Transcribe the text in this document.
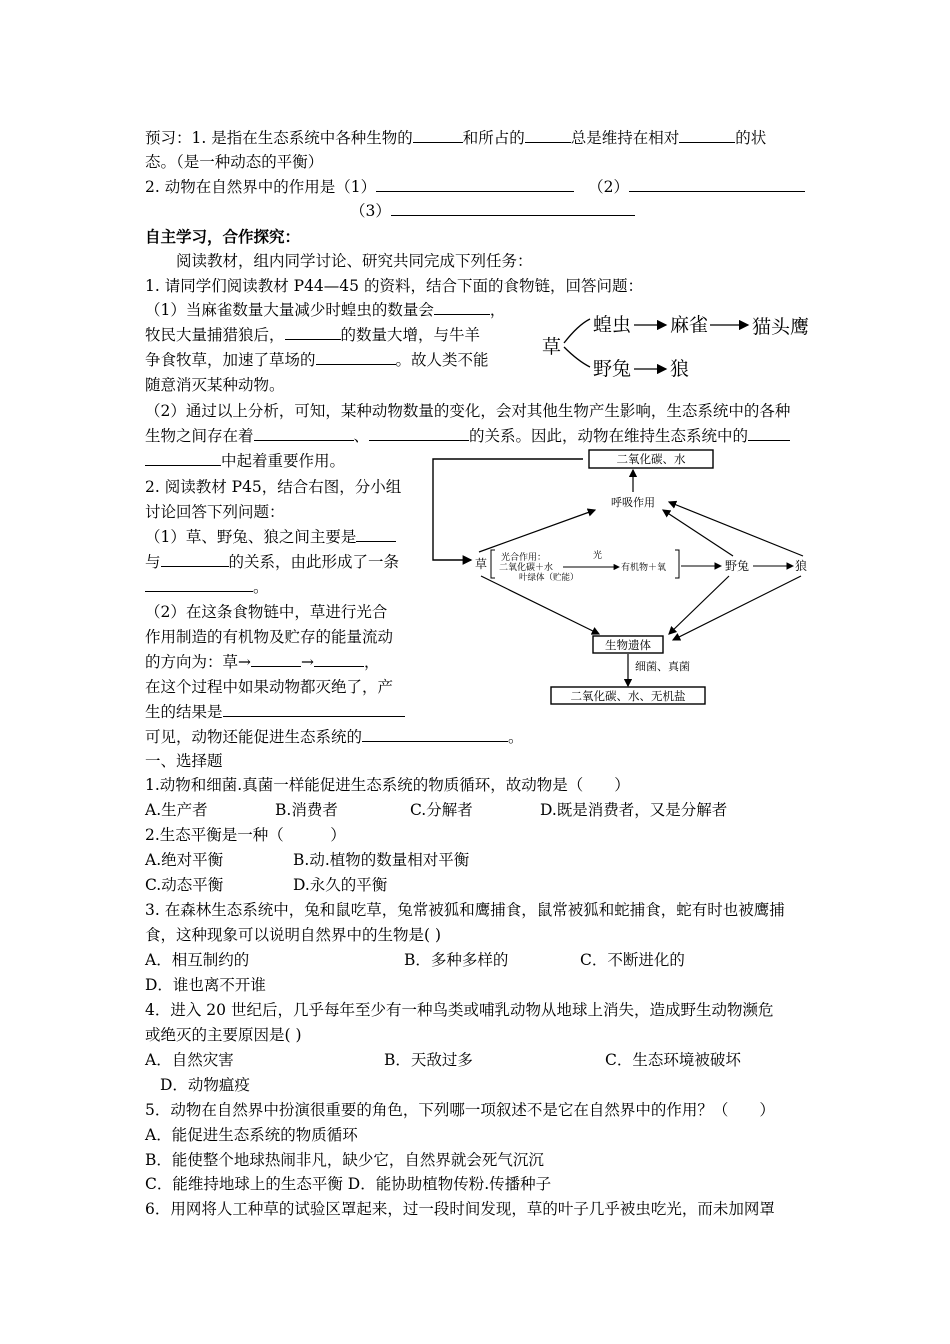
预习：1. 是指在生态系统中各种生物的	和所占的	总是维持在相对	的状
态。（是一种动态的平衡）
2. 动物在自然界中的作用是（1）	（2）
（3）
自主学习，合作探究：
阅读教材，组内同学讨论、研究共同完成下列任务：
1. 请同学们阅读教材 P44—45 的资料，结合下面的食物链，回答问题：
（1）当麻雀数量大量减少时蝗虫的数量会	，
牧民大量捕猎狼后，	的数量大增，与牛羊
争食牧草，加速了草场的	。故人类不能
随意消灭某种动物。
（2）通过以上分析，可知，某种动物数量的变化，会对其他生物产生影响，生态系统中的各种
生物之间存在着	、	的关系。因此，动物在维持生态系统中的
中起着重要作用。
草
蝗虫 麻雀 猫头鹰
野兔 狼
2. 阅读教材 P45，结合右图，分小组
讨论回答下列问题：
（1）草、野兔、狼之间主要是
与	的关系，由此形成了一条
。
（2）在这条食物链中，草进行光合
作用制造的有机物及贮存的能量流动
的方向为：草→	→	，
在这个过程中如果动物都灭绝了，产
生的结果是
可见，动物还能促进生态系统的	。
二氧化碳、水
呼吸作用
草 光合作用：	光
二氧化碳＋水	有机物＋氧
叶绿体（贮能）
野兔	狼
生物遗体
细菌、真菌
二氧化碳、水、无机盐
一、选择题
1.动物和细菌.真菌一样能促进生态系统的物质循环，故动物是（　　）
A.生产者	B.消费者	C.分解者	D.既是消费者，又是分解者
2.生态平衡是一种（　　　）
A.绝对平衡	B.动.植物的数量相对平衡
C.动态平衡	D.永久的平衡
3. 在森林生态系统中，兔和鼠吃草，兔常被狐和鹰捕食，鼠常被狐和蛇捕食，蛇有时也被鹰捕
食，这种现象可以说明自然界中的生物是( )
A．相互制约的	B．多种多样的	C．不断进化的
D．谁也离不开谁
4．进入 20 世纪后，几乎每年至少有一种鸟类或哺乳动物从地球上消失，造成野生动物濒危
或绝灭的主要原因是( )
A．自然灾害	B．天敌过多	C．生态环境被破坏
D．动物瘟疫
5．动物在自然界中扮演很重要的角色，下列哪一项叙述不是它在自然界中的作用？（　　）
A．能促进生态系统的物质循环
B．能使整个地球热闹非凡，缺少它，自然界就会死气沉沉
C．能维持地球上的生态平衡 D．能协助植物传粉.传播种子
6．用网将人工种草的试验区罩起来，过一段时间发现，草的叶子几乎被虫吃光，而未加网罩
